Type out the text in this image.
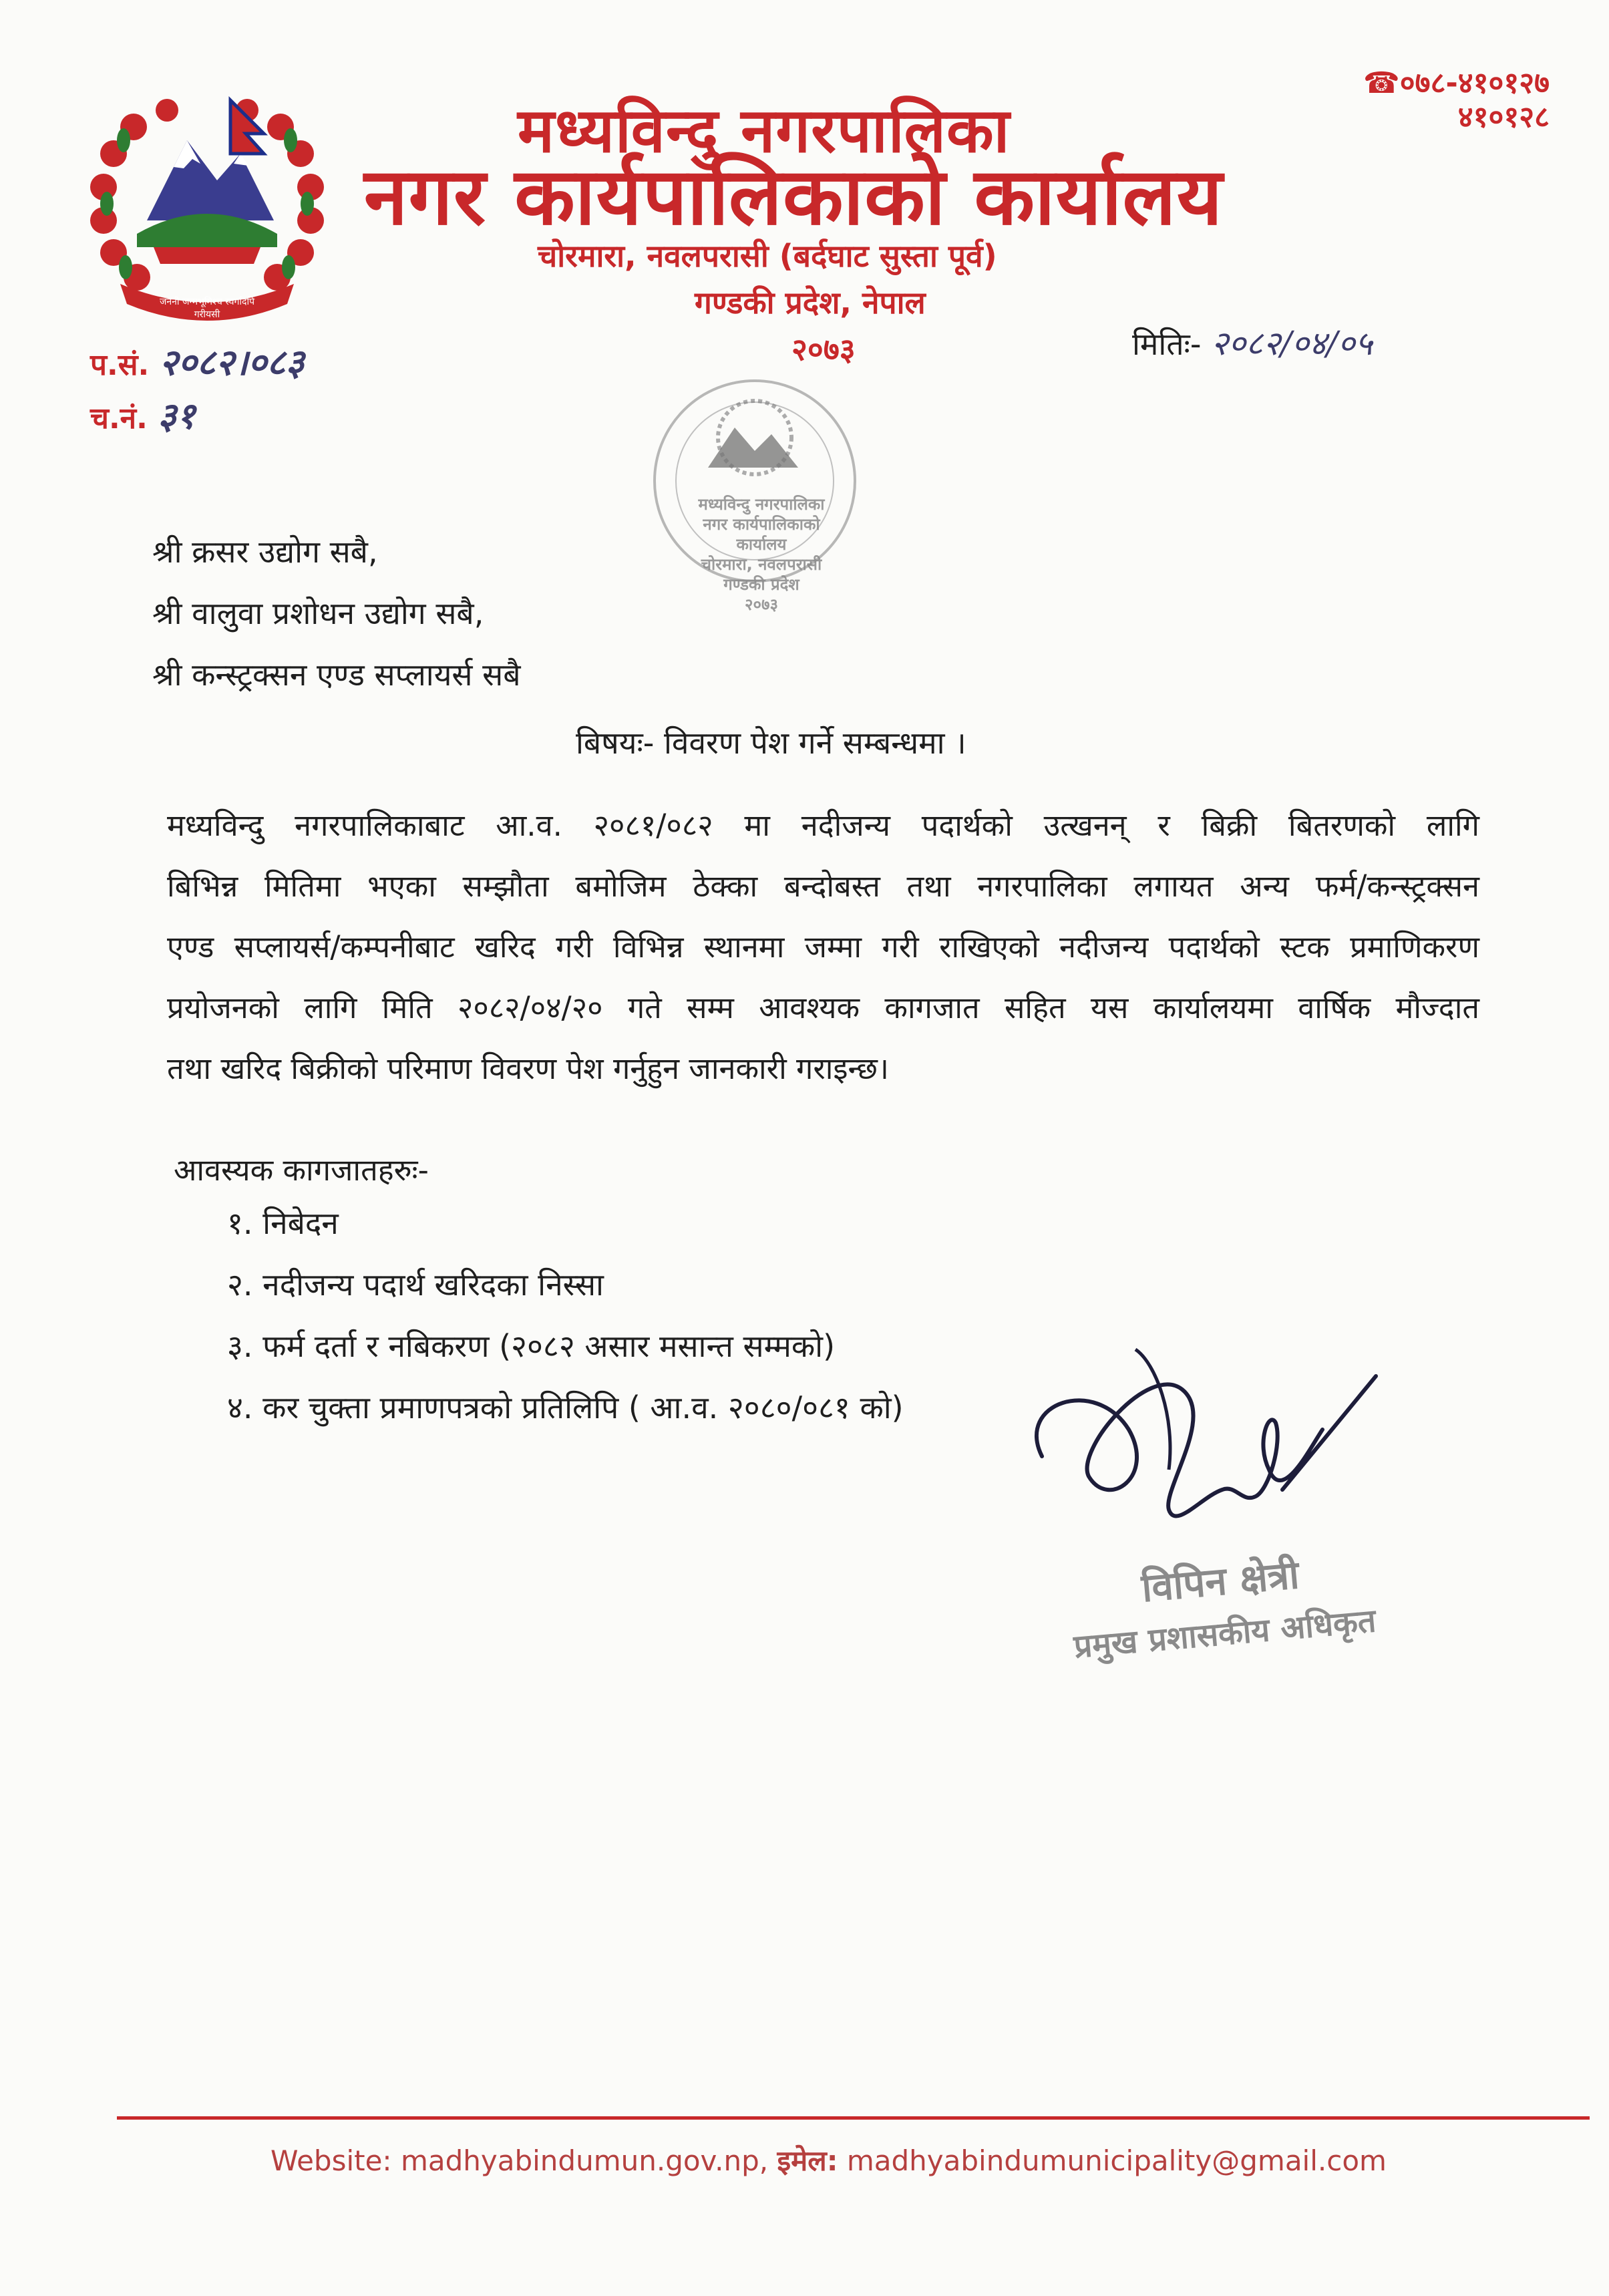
जननी जन्मभूमिश्च स्वर्गादपि गरीयसी
मध्यविन्दु नगरपालिका
नगर कार्यपालिकाको कार्यालय
चोरमारा, नवलपरासी (बर्दघाट सुस्ता पूर्व)
गण्डकी प्रदेश, नेपाल
२०७३
☎०७८-४१०१२७
४१०१२८
प.सं. २०८२।०८३
च.नं. ३१
मितिः- २०८२/०४/०५
मध्यविन्दु नगरपालिका
नगर कार्यपालिकाको कार्यालय
चोरमारा, नवलपरासी
गण्डकी प्रदेश
२०७३
श्री क्रसर उद्योग सबै,
श्री वालुवा प्रशोधन उद्योग सबै,
श्री कन्स्ट्रक्सन एण्ड सप्लायर्स सबै
बिषयः- विवरण पेश गर्ने सम्बन्धमा ।
मध्यविन्दु नगरपालिकाबाट आ.व. २०८१/०८२ मा नदीजन्य पदार्थको उत्खनन् र बिक्री बितरणको लागि
बिभिन्न मितिमा भएका सम्झौता बमोजिम ठेक्का बन्दोबस्त तथा नगरपालिका लगायत अन्य फर्म/कन्स्ट्रक्सन
एण्ड सप्लायर्स/कम्पनीबाट खरिद गरी विभिन्न स्थानमा जम्मा गरी राखिएको नदीजन्य पदार्थको स्टक प्रमाणिकरण
प्रयोजनको लागि मिति २०८२/०४/२० गते सम्म आवश्यक कागजात सहित यस कार्यालयमा वार्षिक मौज्दात
तथा खरिद बिक्रीको परिमाण विवरण पेश गर्नुहुन जानकारी गराइन्छ।
आवस्यक कागजातहरुः-
१. निबेदन
२. नदीजन्य पदार्थ खरिदका निस्सा
३. फर्म दर्ता र नबिकरण (२०८२ असार मसान्त सम्मको)
४. कर चुक्ता प्रमाणपत्रको प्रतिलिपि ( आ.व. २०८०/०८१ को)
विपिन क्षेत्री
प्रमुख प्रशासकीय अधिकृत
Website: madhyabindumun.gov.np, इमेल: madhyabindumunicipality@gmail.com
